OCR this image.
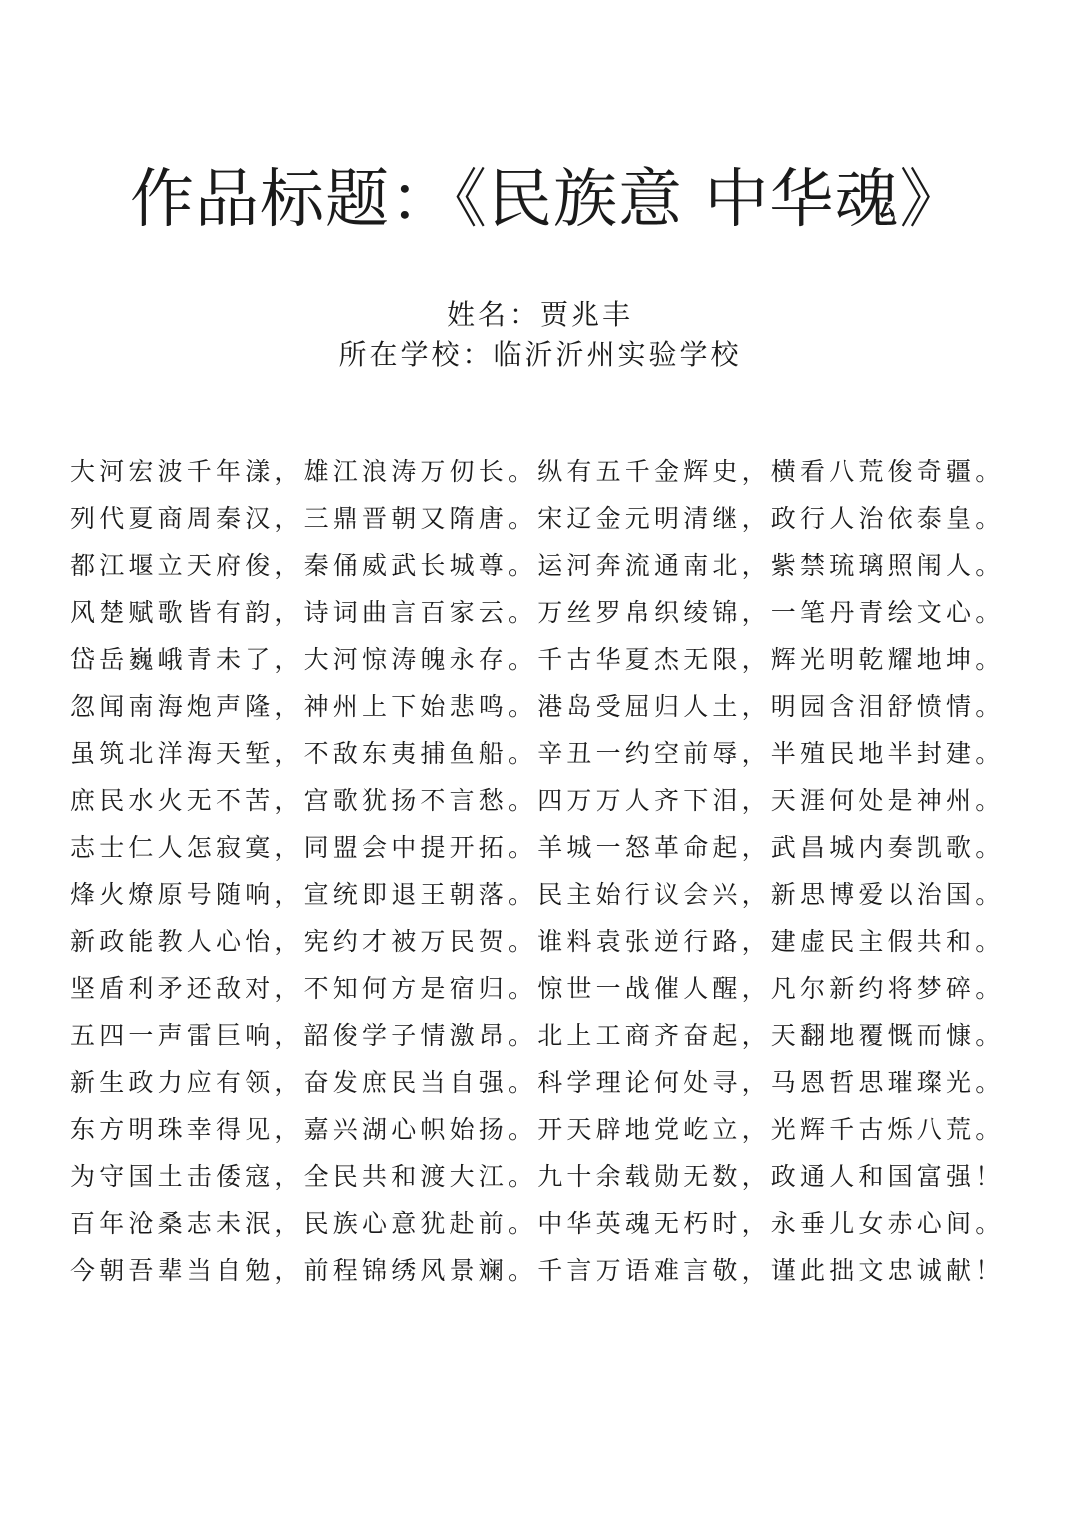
作品标题：《民族意 中华魂》
姓名：贾兆丰
所在学校：临沂沂州实验学校
大河宏波千年漾，雄江浪涛万仞长。纵有五千金辉史，横看八荒俊奇疆。
列代夏商周秦汉，三鼎晋朝又隋唐。宋辽金元明清继，政行人治依泰皇。
都江堰立天府俊，秦俑威武长城尊。运河奔流通南北，紫禁琉璃照闱人。
风楚赋歌皆有韵，诗词曲言百家云。万丝罗帛织绫锦，一笔丹青绘文心。
岱岳巍峨青未了，大河惊涛魄永存。千古华夏杰无限，辉光明乾耀地坤。
忽闻南海炮声隆，神州上下始悲鸣。港岛受屈归人土，明园含泪舒愤情。
虽筑北洋海天堑，不敌东夷捕鱼船。辛丑一约空前辱，半殖民地半封建。
庶民水火无不苦，宫歌犹扬不言愁。四万万人齐下泪，天涯何处是神州。
志士仁人怎寂寞，同盟会中提开拓。羊城一怒革命起，武昌城内奏凯歌。
烽火燎原号随响，宣统即退王朝落。民主始行议会兴，新思博爱以治国。
新政能教人心怡，宪约才被万民贺。谁料袁张逆行路，建虚民主假共和。
坚盾利矛还敌对，不知何方是宿归。惊世一战催人醒，凡尔新约将梦碎。
五四一声雷巨响，韶俊学子情激昂。北上工商齐奋起，天翻地覆慨而慷。
新生政力应有领，奋发庶民当自强。科学理论何处寻，马恩哲思璀璨光。
东方明珠幸得见，嘉兴湖心帜始扬。开天辟地党屹立，光辉千古烁八荒。
为守国土击倭寇，全民共和渡大江。九十余载勋无数，政通人和国富强！
百年沧桑志未泯，民族心意犹赴前。中华英魂无朽时，永垂儿女赤心间。
今朝吾辈当自勉，前程锦绣风景斓。千言万语难言敬，谨此拙文忠诚献！
